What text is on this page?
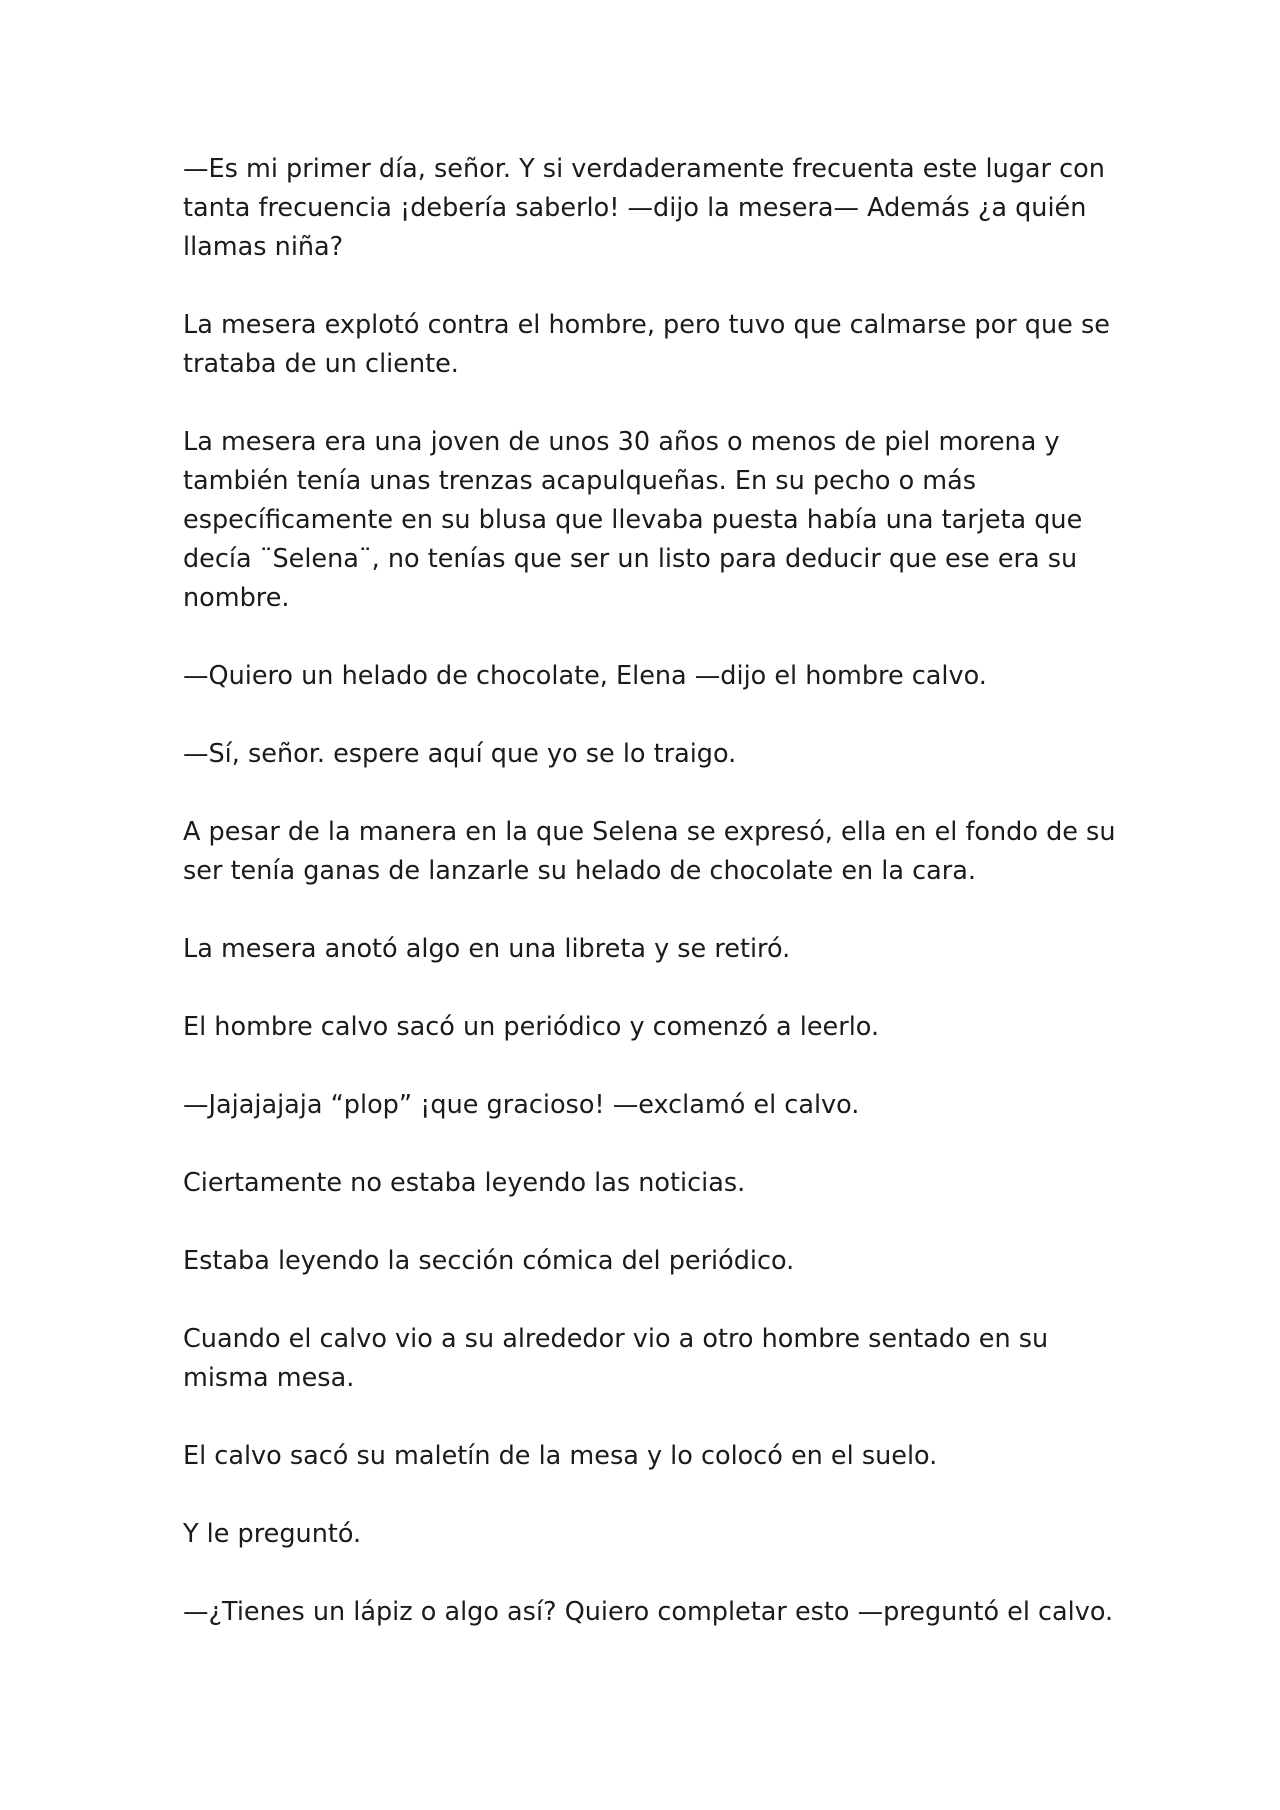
—Es mi primer día, señor. Y si verdaderamente frecuenta este lugar con tanta frecuencia ¡debería saberlo! —dijo la mesera— Además ¿a quién llamas niña?

La mesera explotó contra el hombre, pero tuvo que calmarse por que se trataba de un cliente.

La mesera era una joven de unos 30 años o menos de piel morena y también tenía unas trenzas acapulqueñas. En su pecho o más específicamente en su blusa que llevaba puesta había una tarjeta que decía ¨Selena¨, no tenías que ser un listo para deducir que ese era su nombre.

—Quiero un helado de chocolate, Elena —dijo el hombre calvo.

—Sí, señor. espere aquí que yo se lo traigo.

A pesar de la manera en la que Selena se expresó, ella en el fondo de su ser tenía ganas de lanzarle su helado de chocolate en la cara.

La mesera anotó algo en una libreta y se retiró.

El hombre calvo sacó un periódico y comenzó a leerlo.

—Jajajajaja “plop” ¡que gracioso! —exclamó el calvo.

Ciertamente no estaba leyendo las noticias.

Estaba leyendo la sección cómica del periódico.

Cuando el calvo vio a su alrededor vio a otro hombre sentado en su misma mesa.

El calvo sacó su maletín de la mesa y lo colocó en el suelo.

Y le preguntó.

—¿Tienes un lápiz o algo así? Quiero completar esto —preguntó el calvo.
